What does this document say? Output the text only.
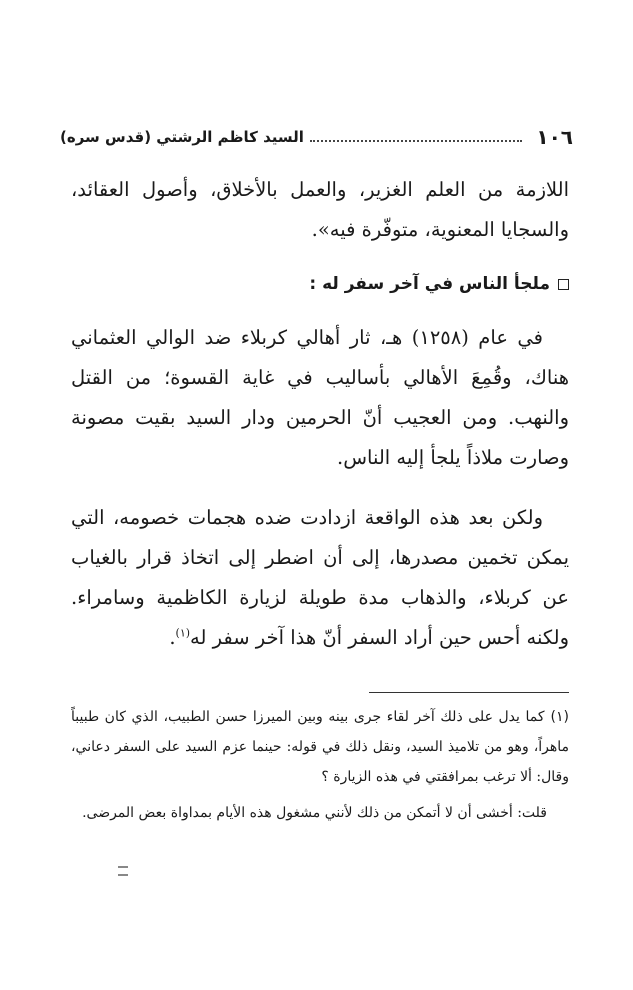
١٠٦
السيد كاظم الرشتي (قدس سره)

اللازمة من العلم الغزير، والعمل بالأخلاق، وأصول العقائد، والسجايا المعنوية، متوفّرة فيه».

ملجأ الناس في آخر سفر له :

في عام (١٢٥٨) هـ، ثار أهالي كربلاء ضد الوالي العثماني هناك، وقُمِعَ الأهالي بأساليب في غاية القسوة؛ من القتل والنهب. ومن العجيب أنّ الحرمين ودار السيد بقيت مصونة وصارت ملاذاً يلجأ إليه الناس.

ولكن بعد هذه الواقعة ازدادت ضده هجمات خصومه، التي يمكن تخمين مصدرها، إلى أن اضطر إلى اتخاذ قرار بالغياب عن كربلاء، والذهاب مدة طويلة لزيارة الكاظمية وسامراء. ولكنه أحس حين أراد السفر أنّ هذا آخر سفر له$^{(١)}$.

(١)كما يدل على ذلك آخر لقاء جرى بينه وبين الميرزا حسن الطبيب، الذي كان طبيباً ماهراً، وهو من تلاميذ السيد، ونقل ذلك في قوله: حينما عزم السيد على السفر دعاني، وقال: ألا ترغب بمرافقتي في هذه الزيارة ؟

قلت: أخشى أن لا أتمكن من ذلك لأنني مشغول هذه الأيام بمداواة بعض المرضى.
